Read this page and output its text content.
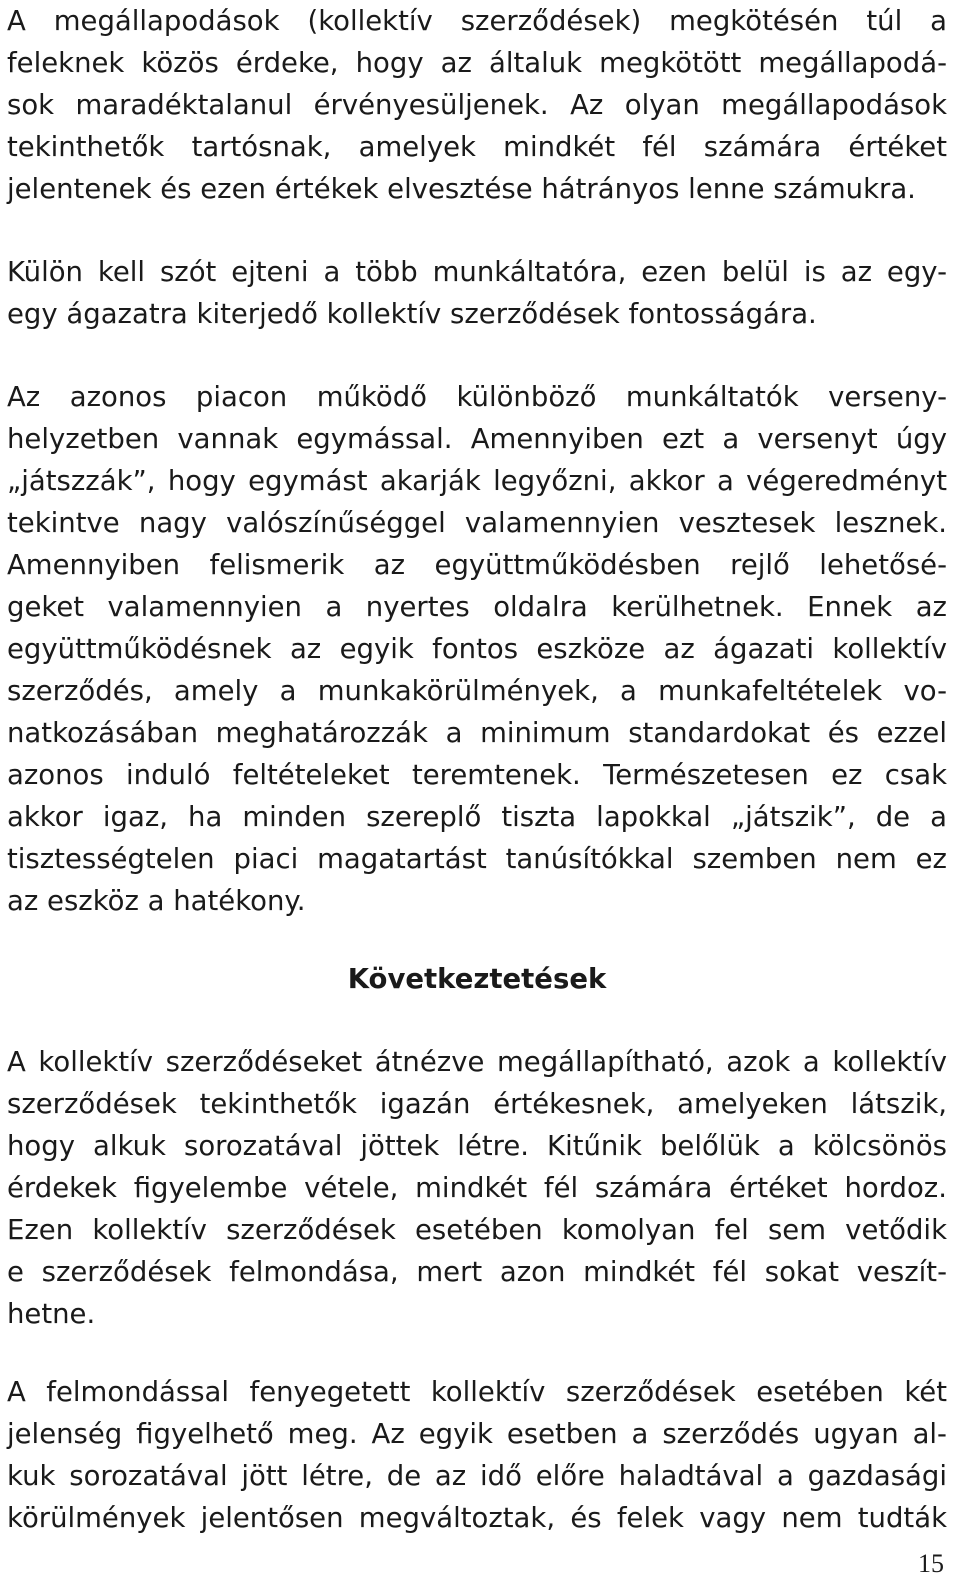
A megállapodások (kollektív szerződések) megkötésén túl a
feleknek közös érdeke, hogy az általuk megkötött megállapodá-
sok maradéktalanul érvényesüljenek. Az olyan megállapodások
tekinthetők tartósnak, amelyek mindkét fél számára értéket
jelentenek és ezen értékek elvesztése hátrányos lenne számukra.
Külön kell szót ejteni a több munkáltatóra, ezen belül is az egy-
egy ágazatra kiterjedő kollektív szerződések fontosságára.
Az azonos piacon működő különböző munkáltatók verseny-
helyzetben vannak egymással. Amennyiben ezt a versenyt úgy
„játszzák”, hogy egymást akarják legyőzni, akkor a végeredményt
tekintve nagy valószínűséggel valamennyien vesztesek lesznek.
Amennyiben felismerik az együttműködésben rejlő lehetősé-
geket valamennyien a nyertes oldalra kerülhetnek. Ennek az
együttműködésnek az egyik fontos eszköze az ágazati kollektív
szerződés, amely a munkakörülmények, a munkafeltételek vo-
natkozásában meghatározzák a minimum standardokat és ezzel
azonos induló feltételeket teremtenek. Természetesen ez csak
akkor igaz, ha minden szereplő tiszta lapokkal „játszik”, de a
tisztességtelen piaci magatartást tanúsítókkal szemben nem ez
az eszköz a hatékony.
Következtetések
A kollektív szerződéseket átnézve megállapítható, azok a kollektív
szerződések tekinthetők igazán értékesnek, amelyeken látszik,
hogy alkuk sorozatával jöttek létre. Kitűnik belőlük a kölcsönös
érdekek figyelembe vétele, mindkét fél számára értéket hordoz.
Ezen kollektív szerződések esetében komolyan fel sem vetődik
e szerződések felmondása, mert azon mindkét fél sokat veszít-
hetne.
A felmondással fenyegetett kollektív szerződések esetében két
jelenség figyelhető meg. Az egyik esetben a szerződés ugyan al-
kuk sorozatával jött létre, de az idő előre haladtával a gazdasági
körülmények jelentősen megváltoztak, és felek vagy nem tudták
15
